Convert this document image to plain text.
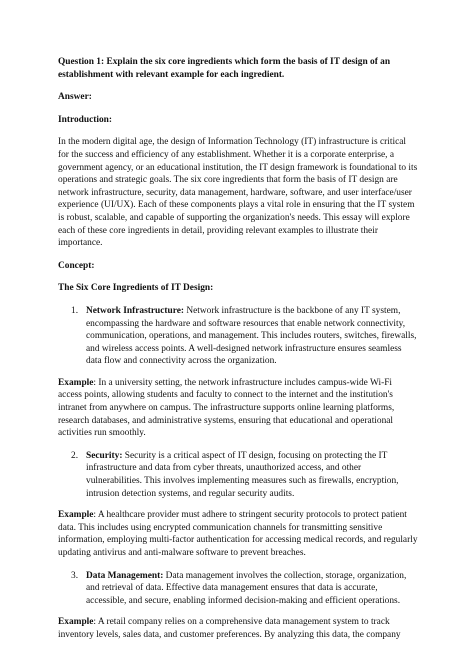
Question 1: Explain the six core ingredients which form the basis of IT design of an establishment with relevant example for each ingredient.

Answer:

Introduction:

In the modern digital age, the design of Information Technology (IT) infrastructure is critical for the success and efficiency of any establishment. Whether it is a corporate enterprise, a government agency, or an educational institution, the IT design framework is foundational to its operations and strategic goals. The six core ingredients that form the basis of IT design are network infrastructure, security, data management, hardware, software, and user interface/user experience (UI/UX). Each of these components plays a vital role in ensuring that the IT system is robust, scalable, and capable of supporting the organization's needs. This essay will explore each of these core ingredients in detail, providing relevant examples to illustrate their importance.

Concept:

The Six Core Ingredients of IT Design:

1. Network Infrastructure: Network infrastructure is the backbone of any IT system, encompassing the hardware and software resources that enable network connectivity, communication, operations, and management. This includes routers, switches, firewalls, and wireless access points. A well-designed network infrastructure ensures seamless data flow and connectivity across the organization.

Example: In a university setting, the network infrastructure includes campus-wide Wi-Fi access points, allowing students and faculty to connect to the internet and the institution's intranet from anywhere on campus. The infrastructure supports online learning platforms, research databases, and administrative systems, ensuring that educational and operational activities run smoothly.

2. Security: Security is a critical aspect of IT design, focusing on protecting the IT infrastructure and data from cyber threats, unauthorized access, and other vulnerabilities. This involves implementing measures such as firewalls, encryption, intrusion detection systems, and regular security audits.

Example: A healthcare provider must adhere to stringent security protocols to protect patient data. This includes using encrypted communication channels for transmitting sensitive information, employing multi-factor authentication for accessing medical records, and regularly updating antivirus and anti-malware software to prevent breaches.

3. Data Management: Data management involves the collection, storage, organization, and retrieval of data. Effective data management ensures that data is accurate, accessible, and secure, enabling informed decision-making and efficient operations.

Example: A retail company relies on a comprehensive data management system to track inventory levels, sales data, and customer preferences. By analyzing this data, the company
